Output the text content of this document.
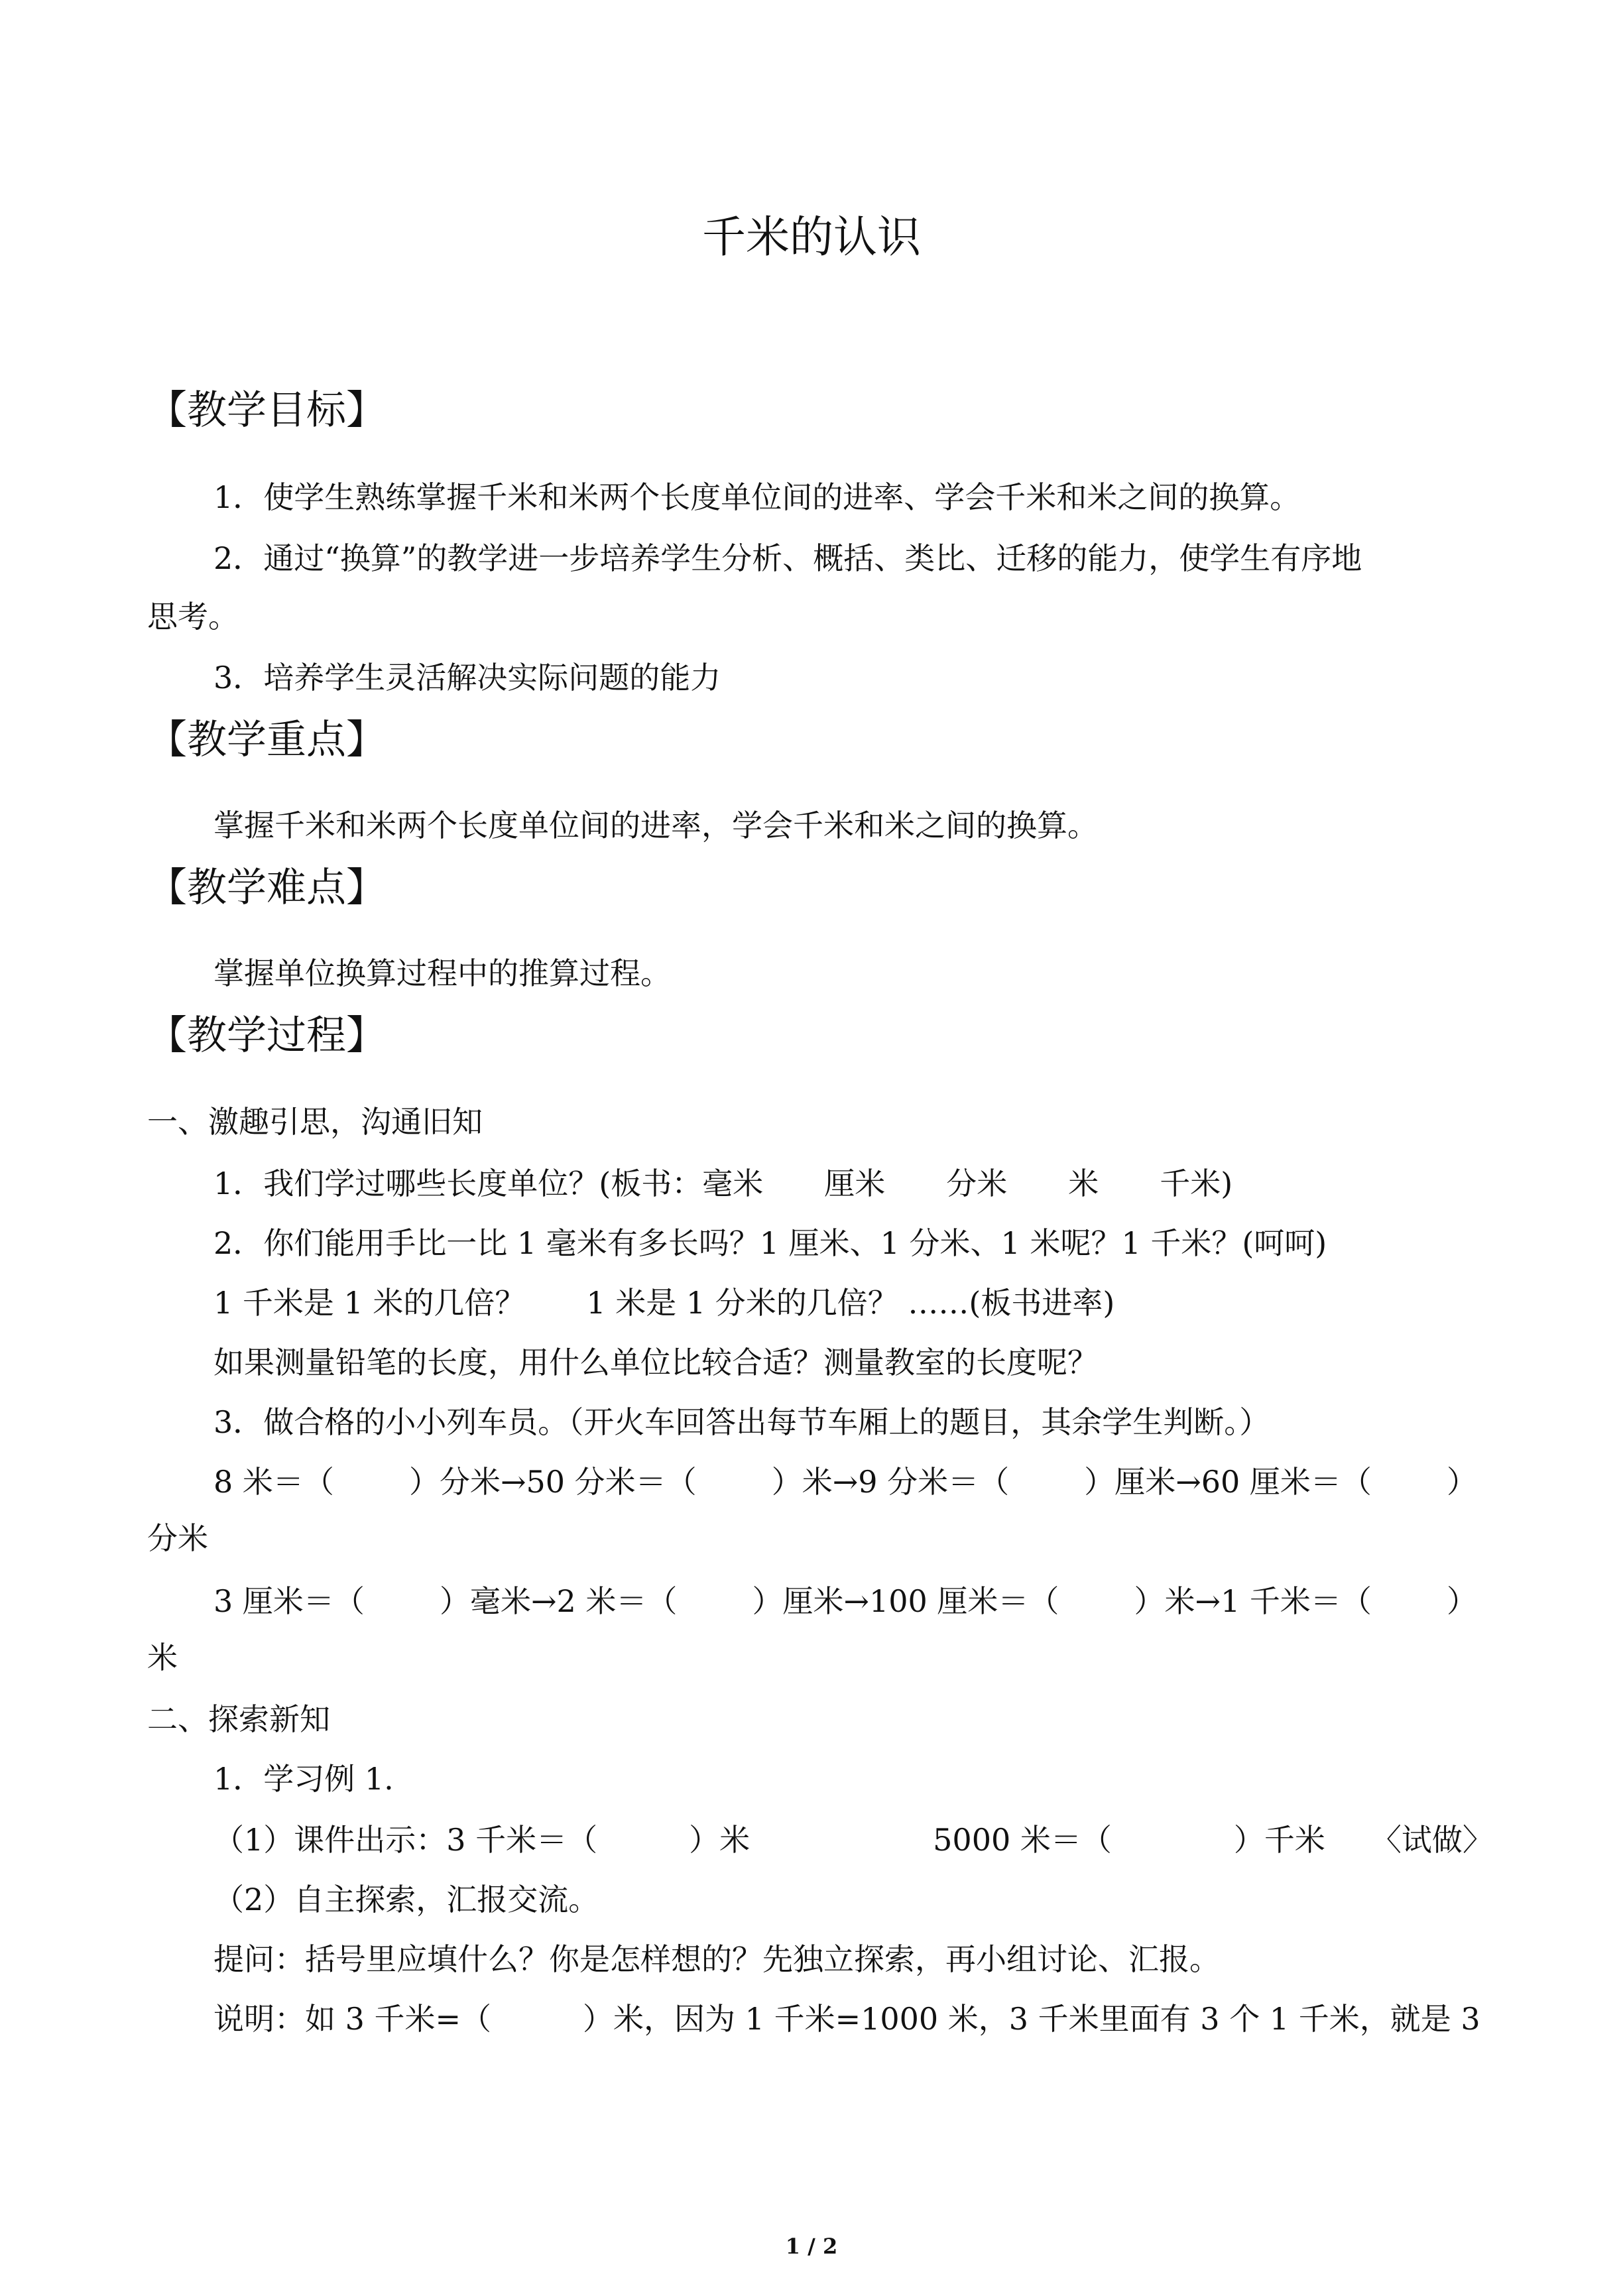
千米的认识
【教学目标】
1．使学生熟练掌握千米和米两个长度单位间的进率、学会千米和米之间的换算。
2．通过“换算”的教学进一步培养学生分析、概括、类比、迁移的能力，使学生有序地
思考。
3．培养学生灵活解决实际问题的能力
【教学重点】
掌握千米和米两个长度单位间的进率，学会千米和米之间的换算。
【教学难点】
掌握单位换算过程中的推算过程。
【教学过程】
一、激趣引思，沟通旧知
1．我们学过哪些长度单位？(板书：毫米　　厘米　　分米　　米　　千米)
2．你们能用手比一比 1 毫米有多长吗？1 厘米、1 分米、1 米呢？1 千米？(呵呵)
1 千米是 1 米的几倍？　　1 米是 1 分米的几倍？ ……(板书进率)
如果测量铅笔的长度，用什么单位比较合适？测量教室的长度呢？
3．做合格的小小列车员。（开火车回答出每节车厢上的题目，其余学生判断。）
8 米＝（ ）分米→50 分米＝（ ）米→9 分米＝（ ）厘米→60 厘米＝（ ）
分米
3 厘米＝（ ）毫米→2 米＝（ ）厘米→100 厘米＝（ ）米→1 千米＝（ ）
米
二、探索新知
1．学习例 1.
（1）课件出示：3 千米＝（　　　）米　　　　　　5000 米＝（　　　　）千米　　〈试做〉
（2）自主探索，汇报交流。
提问：括号里应填什么？你是怎样想的？先独立探索，再小组讨论、汇报。
说明：如 3 千米=（　　　）米，因为 1 千米=1000 米，3 千米里面有 3 个 1 千米，就是 3
1 / 2
